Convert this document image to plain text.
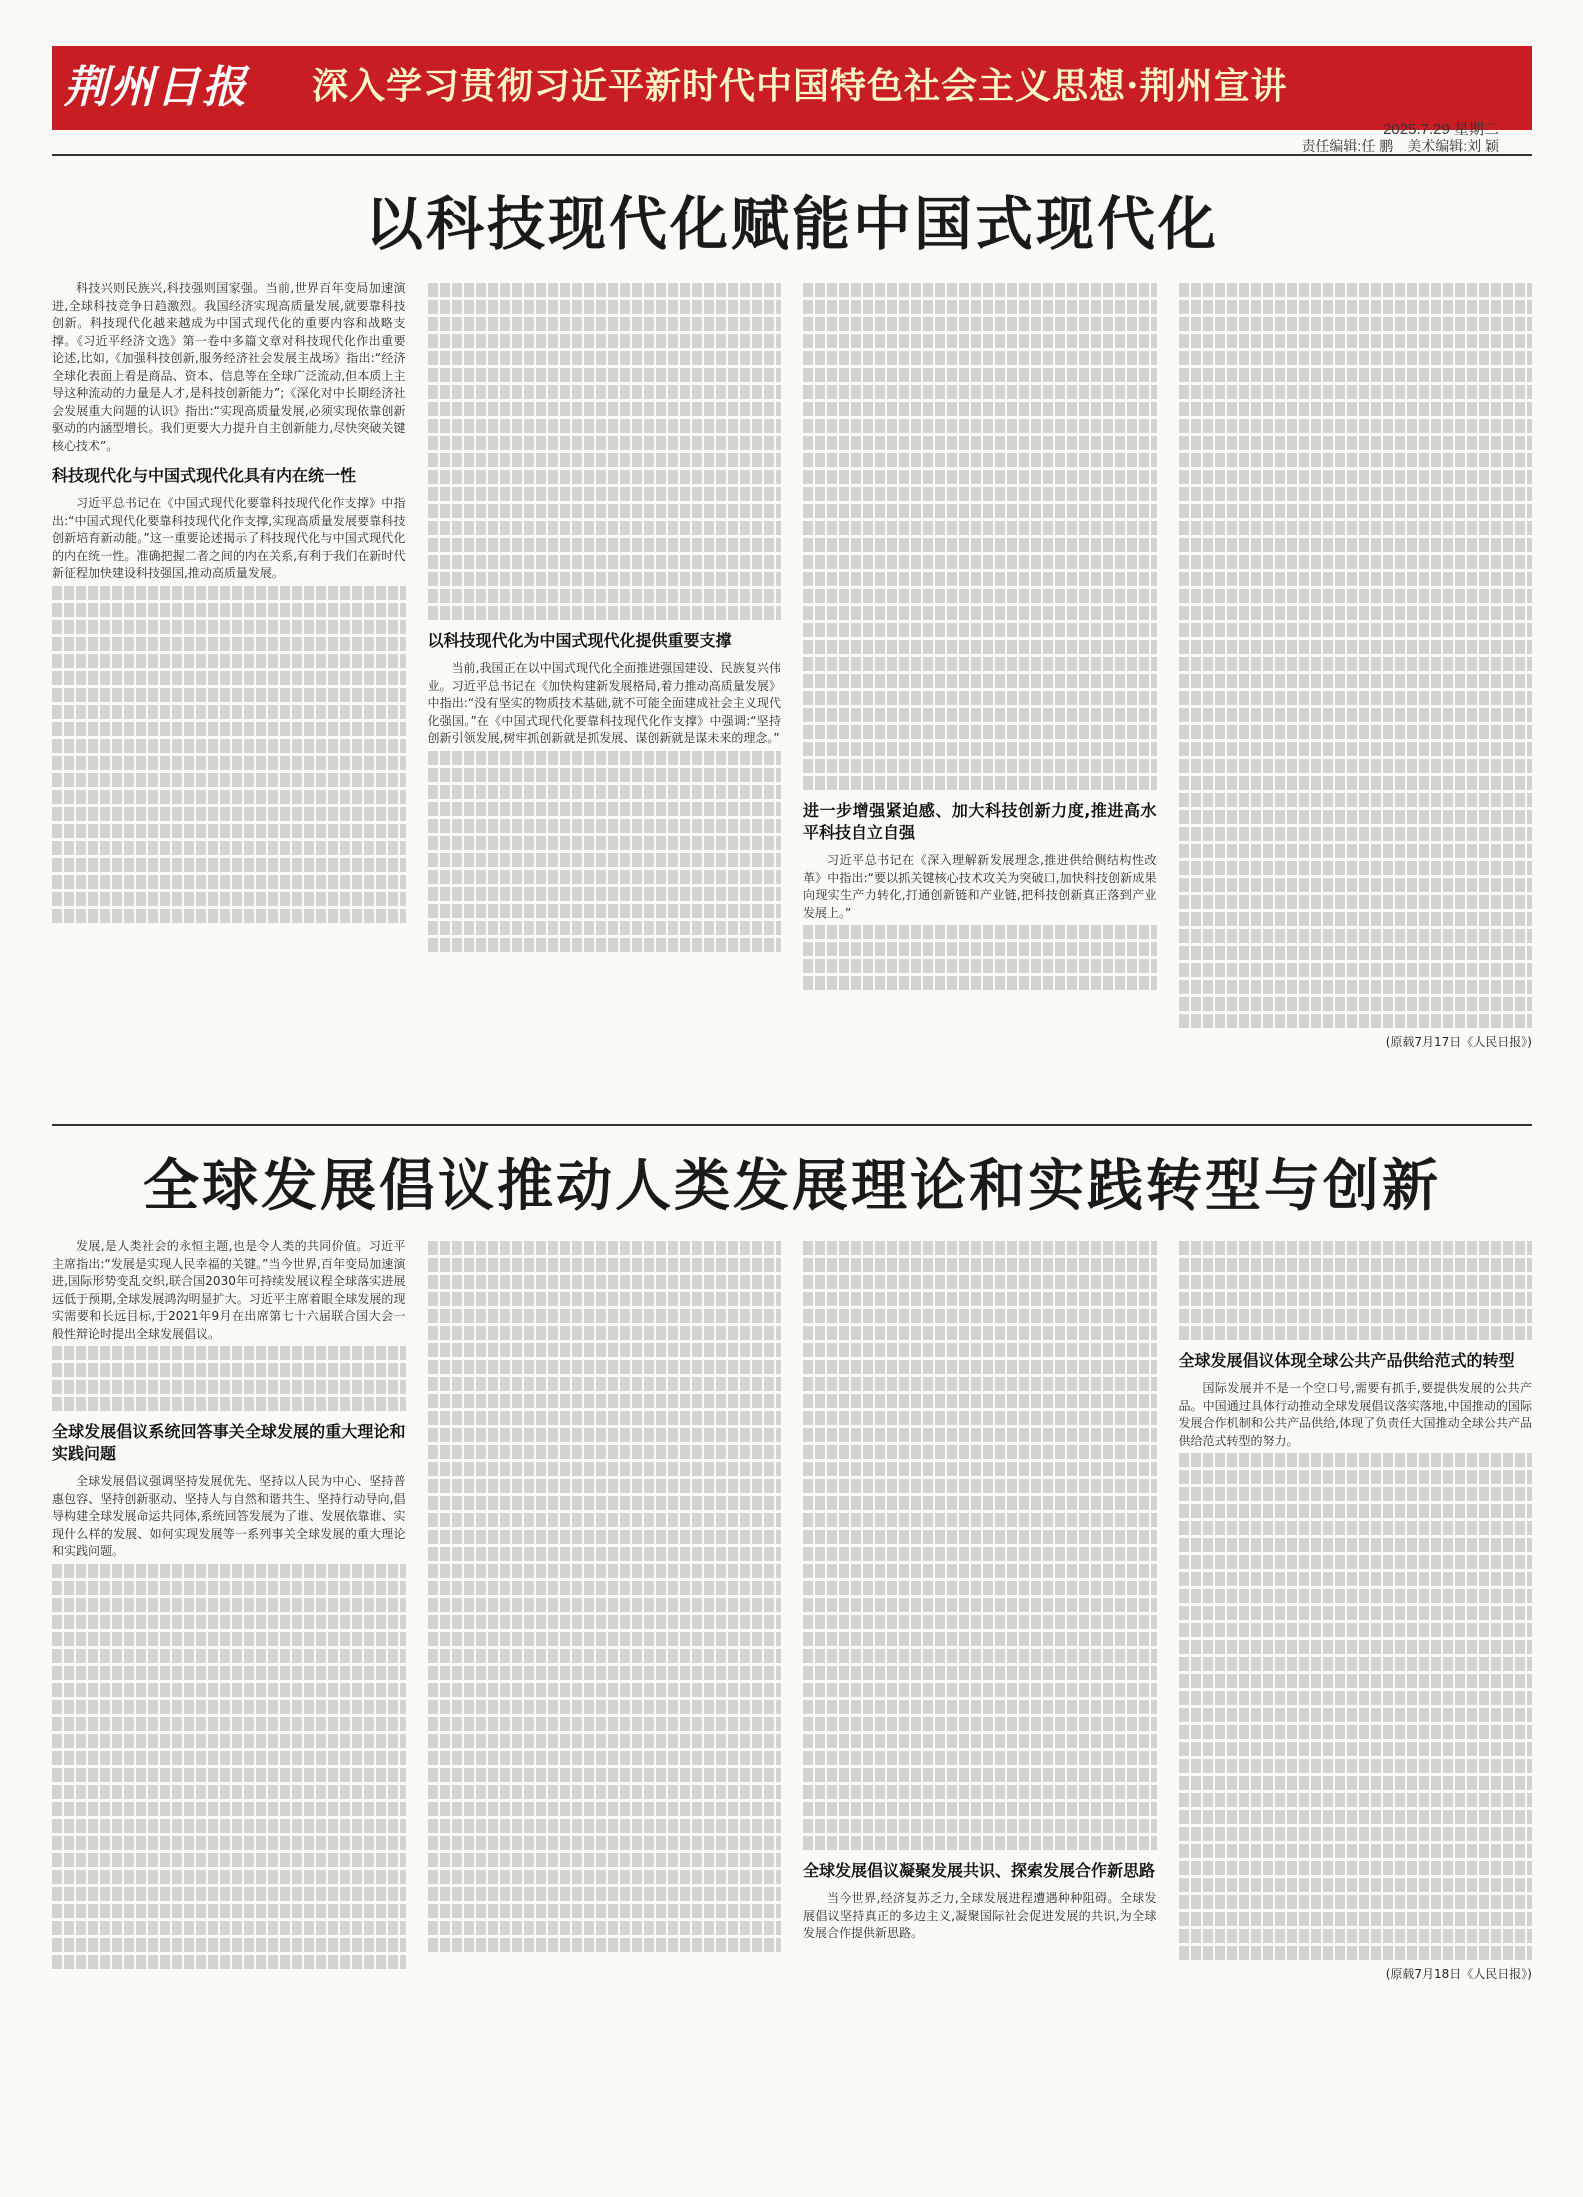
荆州日报	深入学习贯彻习近平新时代中国特色社会主义思想·荆州宣讲	05
2025.7.29 星期二
责任编辑:任 鹏　美术编辑:刘 颖
以科技现代化赋能中国式现代化

科技兴则民族兴,科技强则国家强。当前,世界百年变局加速演进,全球科技竞争日趋激烈。我国经济实现高质量发展,就要靠科技创新。科技现代化越来越成为中国式现代化的重要内容和战略支撑。《习近平经济文选》第一卷中多篇文章对科技现代化作出重要论述,比如,《加强科技创新,服务经济社会发展主战场》指出:“经济全球化表面上看是商品、资本、信息等在全球广泛流动,但本质上主导这种流动的力量是人才,是科技创新能力”;《深化对中长期经济社会发展重大问题的认识》指出:“实现高质量发展,必须实现依靠创新驱动的内涵型增长。我们更要大力提升自主创新能力,尽快突破关键核心技术”。

科技现代化与中国式现代化具有内在统一性

习近平总书记在《中国式现代化要靠科技现代化作支撑》中指出:“中国式现代化要靠科技现代化作支撑,实现高质量发展要靠科技创新培育新动能。”这一重要论述揭示了科技现代化与中国式现代化的内在统一性。准确把握二者之间的内在关系,有利于我们在新时代新征程加快建设科技强国,推动高质量发展。

以科技现代化为中国式现代化提供重要支撑

当前,我国正在以中国式现代化全面推进强国建设、民族复兴伟业。习近平总书记在《加快构建新发展格局,着力推动高质量发展》中指出:“没有坚实的物质技术基础,就不可能全面建成社会主义现代化强国。”在《中国式现代化要靠科技现代化作支撑》中强调:“坚持创新引领发展,树牢抓创新就是抓发展、谋创新就是谋未来的理念。”

进一步增强紧迫感、加大科技创新力度,推进高水平科技自立自强

习近平总书记在《深入理解新发展理念,推进供给侧结构性改革》中指出:“要以抓关键核心技术攻关为突破口,加快科技创新成果向现实生产力转化,打通创新链和产业链,把科技创新真正落到产业发展上。”

(原载7月17日《人民日报》)
全球发展倡议推动人类发展理论和实践转型与创新

发展,是人类社会的永恒主题,也是令人类的共同价值。习近平主席指出:“发展是实现人民幸福的关键。”当今世界,百年变局加速演进,国际形势变乱交织,联合国2030年可持续发展议程全球落实进展远低于预期,全球发展鸿沟明显扩大。习近平主席着眼全球发展的现实需要和长远目标,于2021年9月在出席第七十六届联合国大会一般性辩论时提出全球发展倡议。

全球发展倡议系统回答事关全球发展的重大理论和实践问题

全球发展倡议强调坚持发展优先、坚持以人民为中心、坚持普惠包容、坚持创新驱动、坚持人与自然和谐共生、坚持行动导向,倡导构建全球发展命运共同体,系统回答发展为了谁、发展依靠谁、实现什么样的发展、如何实现发展等一系列事关全球发展的重大理论和实践问题。

全球发展倡议凝聚发展共识、探索发展合作新思路

当今世界,经济复苏乏力,全球发展进程遭遇种种阻碍。全球发展倡议坚持真正的多边主义,凝聚国际社会促进发展的共识,为全球发展合作提供新思路。

全球发展倡议体现全球公共产品供给范式的转型

国际发展并不是一个空口号,需要有抓手,要提供发展的公共产品。中国通过具体行动推动全球发展倡议落实落地,中国推动的国际发展合作机制和公共产品供给,体现了负责任大国推动全球公共产品供给范式转型的努力。

(原载7月18日《人民日报》)
